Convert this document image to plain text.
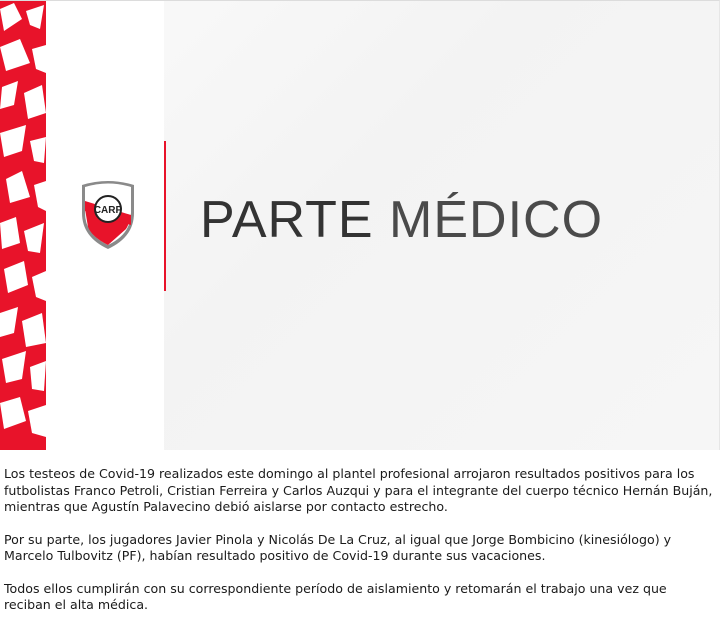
CARP PARTE MÉDICO

Los testeos de Covid-19 realizados este domingo al plantel profesional arrojaron resultados positivos para los futbolistas Franco Petroli, Cristian Ferreira y Carlos Auzqui y para el integrante del cuerpo técnico Hernán Buján, mientras que Agustín Palavecino debió aislarse por contacto estrecho.

Por su parte, los jugadores Javier Pinola y Nicolás De La Cruz, al igual que Jorge Bombicino (kinesiólogo) y Marcelo Tulbovitz (PF), habían resultado positivo de Covid-19 durante sus vacaciones.

Todos ellos cumplirán con su correspondiente período de aislamiento y retomarán el trabajo una vez que reciban el alta médica.
